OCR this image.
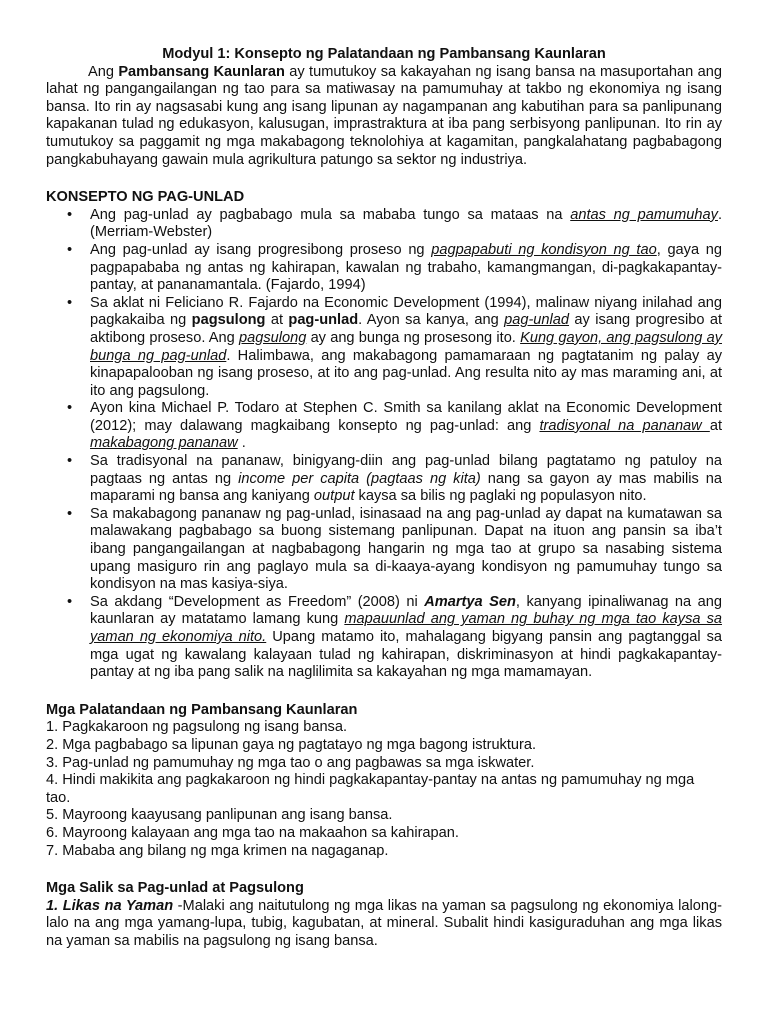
Modyul 1: Konsepto ng Palatandaan ng Pambansang Kaunlaran

Ang Pambansang Kaunlaran ay tumutukoy sa kakayahan ng isang bansa na masuportahan ang lahat ng pangangailangan ng tao para sa matiwasay na pamumuhay at takbo ng ekonomiya ng isang bansa. Ito rin ay nagsasabi kung ang isang lipunan ay nagampanan ang kabutihan para sa panlipunang kapakanan tulad ng edukasyon, kalusugan, imprastraktura at iba pang serbisyong panlipunan. Ito rin ay tumutukoy sa paggamit ng mga makabagong teknolohiya at kagamitan, pangkalahatang pagbabagong pangkabuhayang gawain mula agrikultura patungo sa sektor ng industriya.

KONSEPTO NG PAG-UNLAD
• Ang pag-unlad ay pagbabago mula sa mababa tungo sa mataas na antas ng pamumuhay. (Merriam-Webster)
• Ang pag-unlad ay isang progresibong proseso ng pagpapabuti ng kondisyon ng tao, gaya ng pagpapababa ng antas ng kahirapan, kawalan ng trabaho, kamangmangan, di-pagkakapantay-pantay, at pananamantala. (Fajardo, 1994)
• Sa aklat ni Feliciano R. Fajardo na Economic Development (1994), malinaw niyang inilahad ang pagkakaiba ng pagsulong at pag-unlad. Ayon sa kanya, ang pag-unlad ay isang progresibo at aktibong proseso. Ang pagsulong ay ang bunga ng prosesong ito. Kung gayon, ang pagsulong ay bunga ng pag-unlad. Halimbawa, ang makabagong pamamaraan ng pagtatanim ng palay ay kinapapalooban ng isang proseso, at ito ang pag-unlad. Ang resulta nito ay mas maraming ani, at ito ang pagsulong.
• Ayon kina Michael P. Todaro at Stephen C. Smith sa kanilang aklat na Economic Development (2012); may dalawang magkaibang konsepto ng pag-unlad: ang tradisyonal na pananaw at makabagong pananaw .
• Sa tradisyonal na pananaw, binigyang-diin ang pag-unlad bilang pagtatamo ng patuloy na pagtaas ng antas ng income per capita (pagtaas ng kita) nang sa gayon ay mas mabilis na maparami ng bansa ang kaniyang output kaysa sa bilis ng paglaki ng populasyon nito.
• Sa makabagong pananaw ng pag-unlad, isinasaad na ang pag-unlad ay dapat na kumatawan sa malawakang pagbabago sa buong sistemang panlipunan. Dapat na ituon ang pansin sa iba’t ibang pangangailangan at nagbabagong hangarin ng mga tao at grupo sa nasabing sistema upang masiguro rin ang paglayo mula sa di-kaaya-ayang kondisyon ng pamumuhay tungo sa kondisyon na mas kasiya-siya.
• Sa akdang “Development as Freedom” (2008) ni Amartya Sen, kanyang ipinaliwanag na ang kaunlaran ay matatamo lamang kung mapauunlad ang yaman ng buhay ng mga tao kaysa sa yaman ng ekonomiya nito. Upang matamo ito, mahalagang bigyang pansin ang pagtanggal sa mga ugat ng kawalang kalayaan tulad ng kahirapan, diskriminasyon at hindi pagkakapantay-pantay at ng iba pang salik na naglilimita sa kakayahan ng mga mamamayan.
Mga Palatandaan ng Pambansang Kaunlaran
1. Pagkakaroon ng pagsulong ng isang bansa.
2. Mga pagbabago sa lipunan gaya ng pagtatayo ng mga bagong istruktura.
3. Pag-unlad ng pamumuhay ng mga tao o ang pagbawas sa mga iskwater.
4. Hindi makikita ang pagkakaroon ng hindi pagkakapantay-pantay na antas ng pamumuhay ng mga tao.
5. Mayroong kaayusang panlipunan ang isang bansa.
6. Mayroong kalayaan ang mga tao na makaahon sa kahirapan.
7. Mababa ang bilang ng mga krimen na nagaganap.
Mga Salik sa Pag-unlad at Pagsulong

1. Likas na Yaman -Malaki ang naitutulong ng mga likas na yaman sa pagsulong ng ekonomiya lalong-lalo na ang mga yamang-lupa, tubig, kagubatan, at mineral. Subalit hindi kasiguraduhan ang mga likas na yaman sa mabilis na pagsulong ng isang bansa.
